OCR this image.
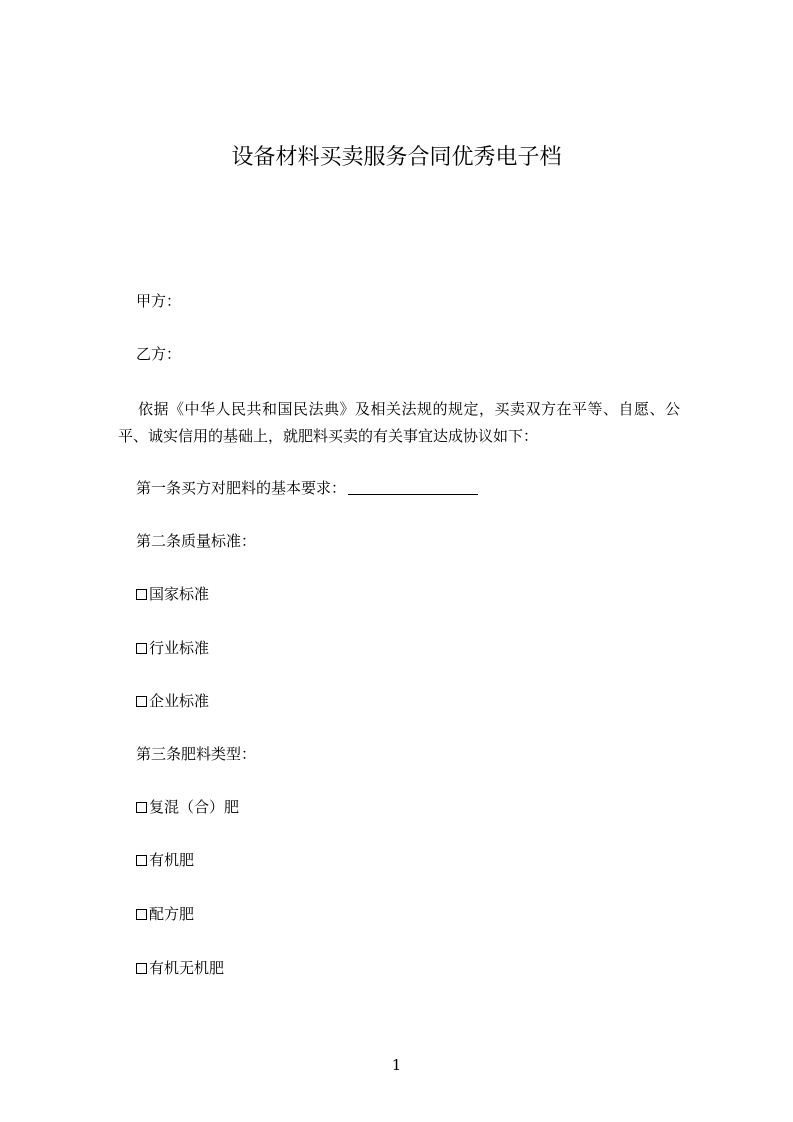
设备材料买卖服务合同优秀电子档
甲方：
乙方：
依据《中华人民共和国民法典》及相关法规的规定，买卖双方在平等、自愿、公平、诚实信用的基础上，就肥料买卖的有关事宜达成协议如下：
第一条买方对肥料的基本要求：
第二条质量标准：
国家标准
行业标准
企业标准
第三条肥料类型：
复混（合）肥
有机肥
配方肥
有机无机肥
1
